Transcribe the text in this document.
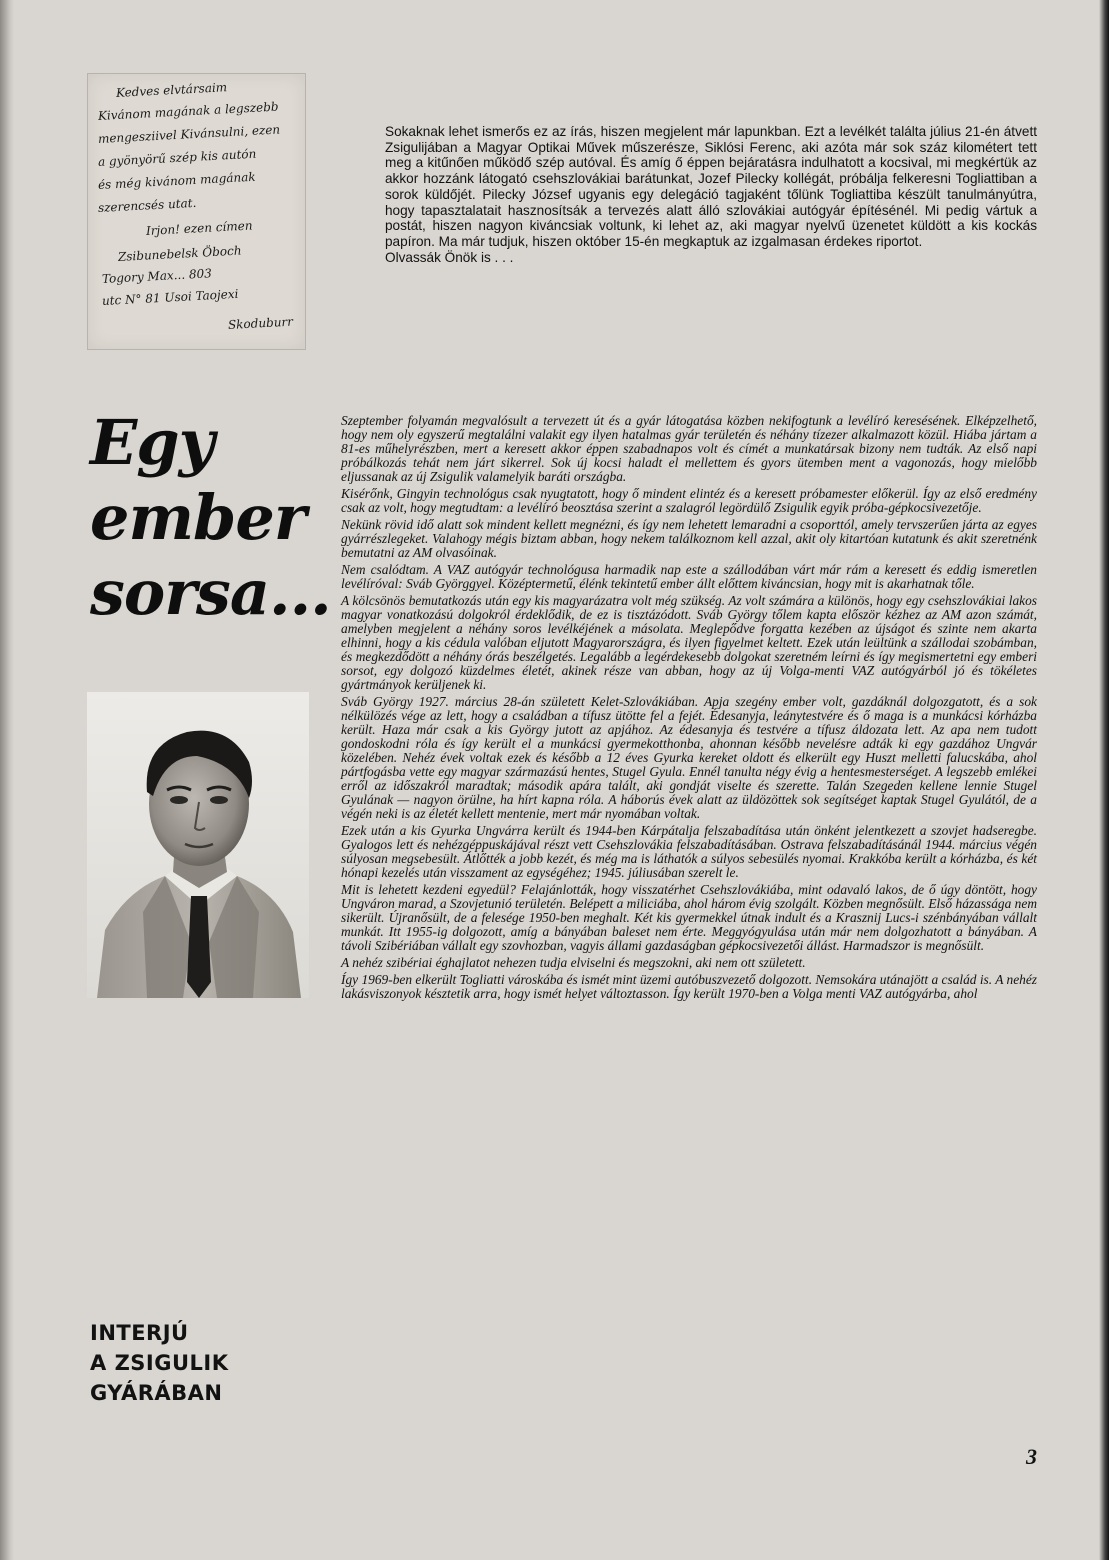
Kedves elvtársaim
Kivánom magának a legszebb
mengesziivel Kivánsulni, ezen
a gyönyörű szép kis autón
és még kivánom magának
szerencsés utat.
Irjon! ezen címen
Zsibunebelsk Öboch
Togory Max... 803
utc N° 81 Usoi Taojexi
Skoduburr

Sokaknak lehet ismerős ez az írás, hiszen megjelent már lapunkban. Ezt a levélkét találta július 21-én átvett Zsigulijában a Magyar Optikai Művek műszerésze, Siklósi Ferenc, aki azóta már sok száz kilométert tett meg a kitűnően működő szép autóval. És amíg ő éppen bejáratásra indulhatott a kocsival, mi megkértük az akkor hozzánk látogató csehszlovákiai barátunkat, Jozef Pilecky kollégát, próbálja felkeresni Togliattiban a sorok küldőjét. Pilecky József ugyanis egy delegáció tagjaként tőlünk Togliattiba készült tanulmányútra, hogy tapasztalatait hasznosítsák a tervezés alatt álló szlovákiai autógyár építésénél. Mi pedig vártuk a postát, hiszen nagyon kiváncsiak voltunk, ki lehet az, aki magyar nyelvű üzenetet küldött a kis kockás papíron. Ma már tudjuk, hiszen október 15-én megkaptuk az izgalmasan érdekes riportot.

Olvassák Önök is . . .

Egy
ember
sorsa...
INTERJÚ
A ZSIGULIK
GYÁRÁBAN

Szeptember folyamán megvalósult a tervezett út és a gyár látogatása közben nekifogtunk a levélíró keresésének. Elképzelhető, hogy nem oly egyszerű megtalálni valakit egy ilyen hatalmas gyár területén és néhány tízezer alkalmazott közül. Hiába jártam a 81-es műhelyrészben, mert a keresett akkor éppen szabadnapos volt és címét a munkatársak bizony nem tudták. Az első napi próbálkozás tehát nem járt sikerrel. Sok új kocsi haladt el mellettem és gyors ütemben ment a vagonozás, hogy mielőbb eljussanak az új Zsigulik valamelyik baráti országba.

Kisérőnk, Gingyin technológus csak nyugtatott, hogy ő mindent elintéz és a keresett próbamester előkerül. Így az első eredmény csak az volt, hogy megtudtam: a levélíró beosztása szerint a szalagról legördülő Zsigulik egyik próba-gépkocsivezetője.

Nekünk rövid idő alatt sok mindent kellett megnézni, és így nem lehetett lemaradni a csoporttól, amely tervszerűen járta az egyes gyárrészlegeket. Valahogy mégis biztam abban, hogy nekem találkoznom kell azzal, akit oly kitartóan kutatunk és akit szeretnénk bemutatni az AM olvasóinak.

Nem csalódtam. A VAZ autógyár technológusa harmadik nap este a szállodában várt már rám a keresett és eddig ismeretlen levélíróval: Sváb Györggyel. Középtermetű, élénk tekintetű ember állt előttem kiváncsian, hogy mit is akarhatnak tőle.

A kölcsönös bemutatkozás után egy kis magyarázatra volt még szükség. Az volt számára a különös, hogy egy csehszlovákiai lakos magyar vonatkozású dolgokról érdeklődik, de ez is tisztázódott. Sváb György tőlem kapta először kézhez az AM azon számát, amelyben megjelent a néhány soros levélkéjének a másolata. Meglepődve forgatta kezében az újságot és szinte nem akarta elhinni, hogy a kis cédula valóban eljutott Magyarországra, és ilyen figyelmet keltett. Ezek után leültünk a szállodai szobámban, és megkezdődött a néhány órás beszélgetés. Legalább a legérdekesebb dolgokat szeretném leírni és így megismertetni egy emberi sorsot, egy dolgozó küzdelmes életét, akinek része van abban, hogy az új Volga-menti VAZ autógyárból jó és tökéletes gyártmányok kerüljenek ki.

Sváb György 1927. március 28-án született Kelet-Szlovákiában. Apja szegény ember volt, gazdáknál dolgozgatott, és a sok nélkülözés vége az lett, hogy a családban a tífusz ütötte fel a fejét. Édesanyja, leánytestvére és ő maga is a munkácsi kórházba került. Haza már csak a kis György jutott az apjához. Az édesanyja és testvére a tífusz áldozata lett. Az apa nem tudott gondoskodni róla és így került el a munkácsi gyermekotthonba, ahonnan később nevelésre adták ki egy gazdához Ungvár közelében. Nehéz évek voltak ezek és később a 12 éves Gyurka kereket oldott és elkerült egy Huszt melletti falucskába, ahol pártfogásba vette egy magyar származású hentes, Stugel Gyula. Ennél tanulta négy évig a hentesmesterséget. A legszebb emlékei erről az időszakról maradtak; második apára talált, aki gondját viselte és szerette. Talán Szegeden kellene lennie Stugel Gyulának — nagyon örülne, ha hírt kapna róla. A háborús évek alatt az üldözöttek sok segítséget kaptak Stugel Gyulától, de a végén neki is az életét kellett mentenie, mert már nyomában voltak.

Ezek után a kis Gyurka Ungvárra került és 1944-ben Kárpátalja felszabadítása után önként jelentkezett a szovjet hadseregbe. Gyalogos lett és nehézgéppuskájával részt vett Csehszlovákia felszabadításában. Ostrava felszabadításánál 1944. március végén súlyosan megsebesült. Átlőtték a jobb kezét, és még ma is láthatók a súlyos sebesülés nyomai. Krakkóba került a kórházba, és két hónapi kezelés után visszament az egységéhez; 1945. júliusában szerelt le.

Mit is lehetett kezdeni egyedül? Felajánlották, hogy visszatérhet Csehszlovákiába, mint odavaló lakos, de ő úgy döntött, hogy Ungváron marad, a Szovjetunió területén. Belépett a miliciába, ahol három évig szolgált. Közben megnősült. Első házassága nem sikerült. Újranősült, de a felesége 1950-ben meghalt. Két kis gyermekkel útnak indult és a Krasznij Lucs-i szénbányában vállalt munkát. Itt 1955-ig dolgozott, amíg a bányában baleset nem érte. Meggyógyulása után már nem dolgozhatott a bányában. A távoli Szibériában vállalt egy szovhozban, vagyis állami gazdaságban gépkocsivezetői állást. Harmadszor is megnősült.

A nehéz szibériai éghajlatot nehezen tudja elviselni és megszokni, aki nem ott született.

Így 1969-ben elkerült Togliatti városkába és ismét mint üzemi autóbuszvezető dolgozott. Nemsokára utánajött a család is. A nehéz lakásviszonyok késztetik arra, hogy ismét helyet változtasson. Így került 1970-ben a Volga menti VAZ autógyárba, ahol

3
